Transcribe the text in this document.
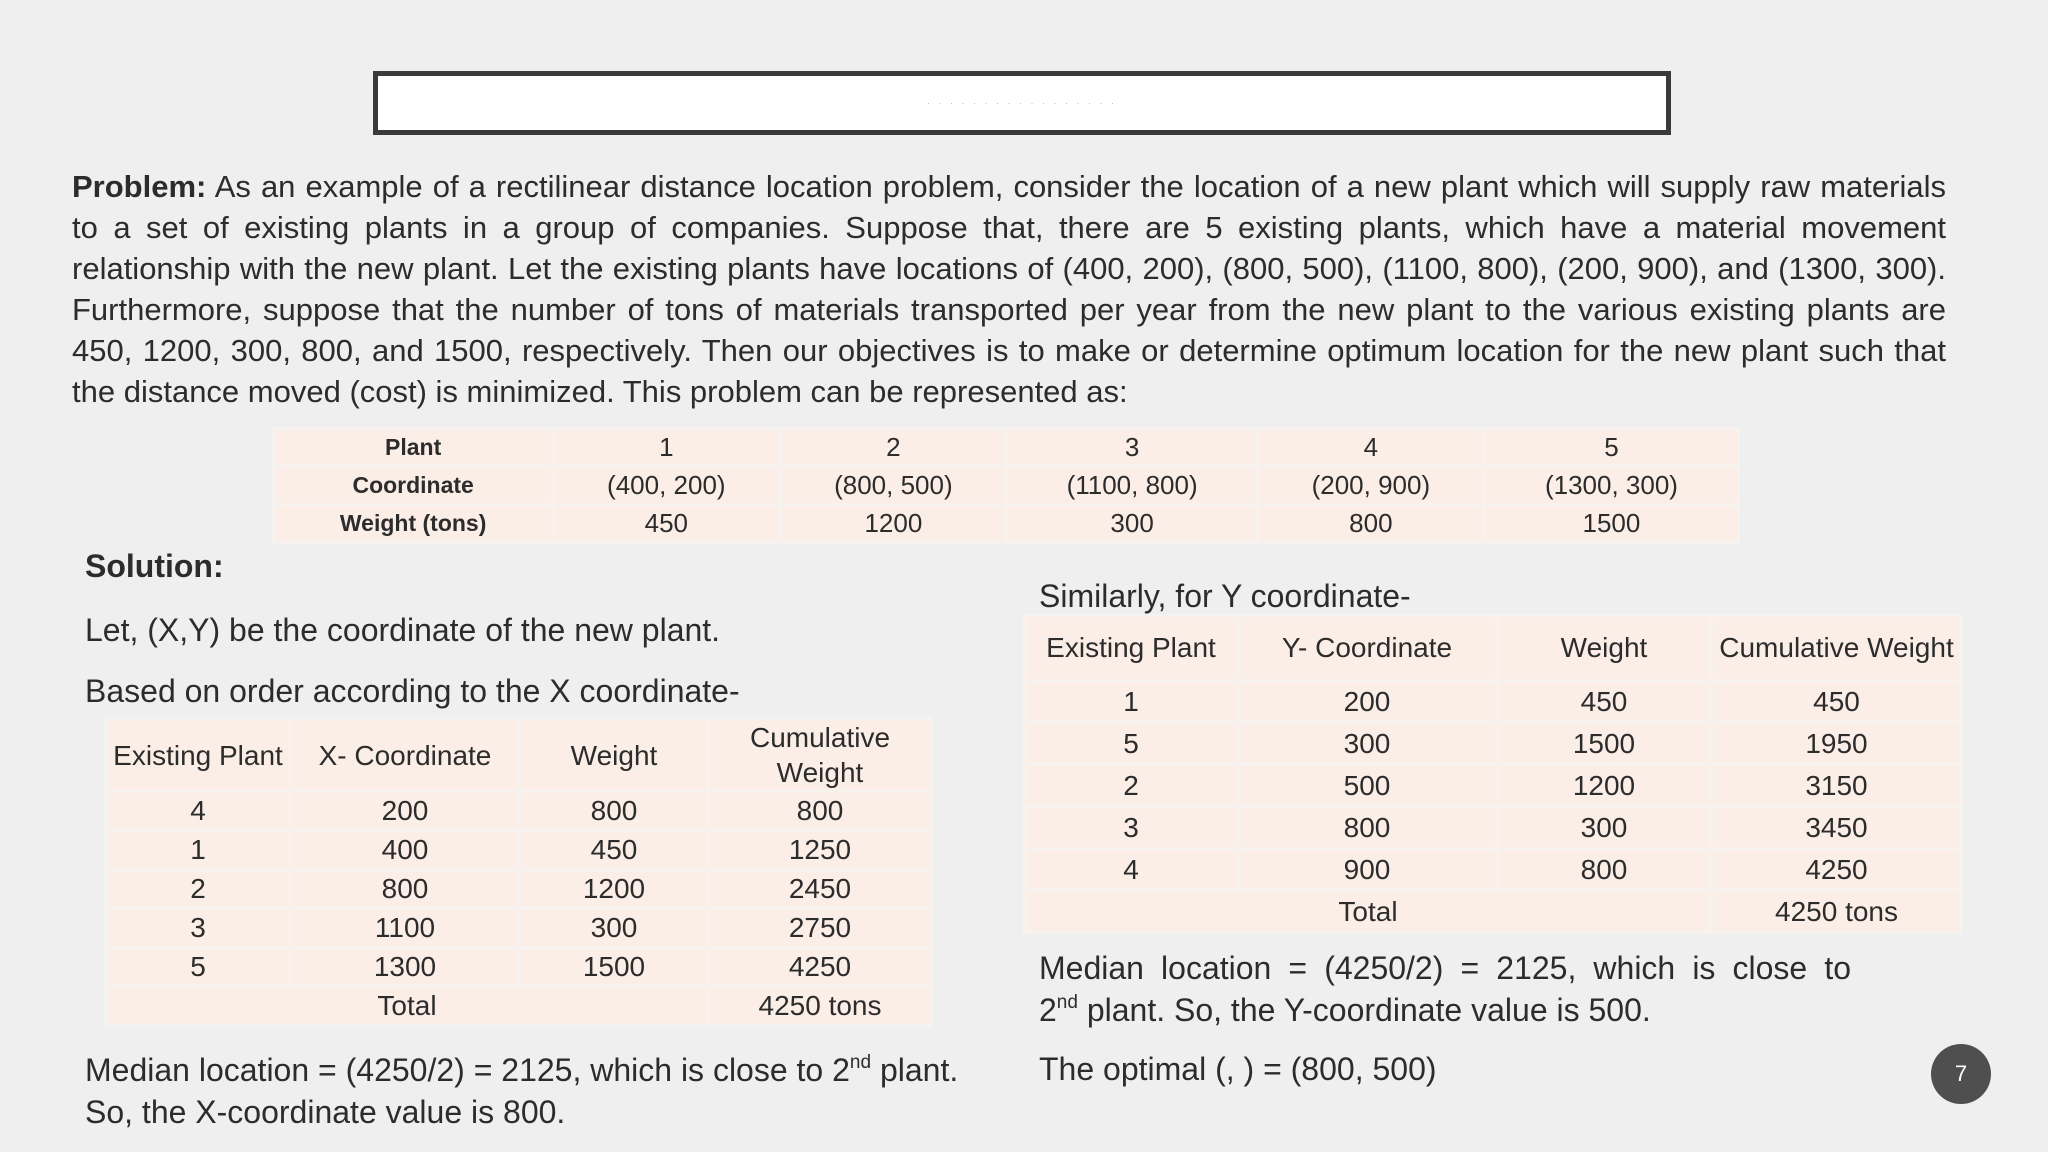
· · · · · · · · · · · · · · · · ·

Problem: As an example of a rectilinear distance location problem, consider the location of a new plant which will supply raw materials to a set of existing plants in a group of companies. Suppose that, there are 5 existing plants, which have a material movement relationship with the new plant. Let the existing plants have locations of (400, 200), (800, 500), (1100, 800), (200, 900), and (1300, 300). Furthermore, suppose that the number of tons of materials transported per year from the new plant to the various existing plants are 450, 1200, 300, 800, and 1500, respectively. Then our objectives is to make or determine optimum location for the new plant such that the distance moved (cost) is minimized. This problem can be represented as:

Plant	1	2	3	4	5
Coordinate	(400, 200)	(800, 500)	(1100, 800)	(200, 900)	(1300, 300)
Weight (tons)	450	1200	300	800	1500
Solution:

Let, (X,Y) be the coordinate of the new plant.

Based on order according to the X coordinate-

Existing Plant	X- Coordinate	Weight	Cumulative
Weight
4	200	800	800
1	400	450	1250
2	800	1200	2450
3	1100	300	2750
5	1300	1500	4250
Total			4250 tons

Median location = (4250/2) = 2125, which is close to 2nd plant.
So, the X-coordinate value is 800.

Similarly, for Y coordinate-

Existing Plant	Y- Coordinate	Weight	Cumulative Weight
1	200	450	450
5	300	1500	1950
2	500	1200	3150
3	800	300	3450
4	900	800	4250
Total			4250 tons

Median location = (4250/2) = 2125, which is close to
2nd plant. So, the Y-coordinate value is 500.

The optimal (, ) = (800, 500)	7
